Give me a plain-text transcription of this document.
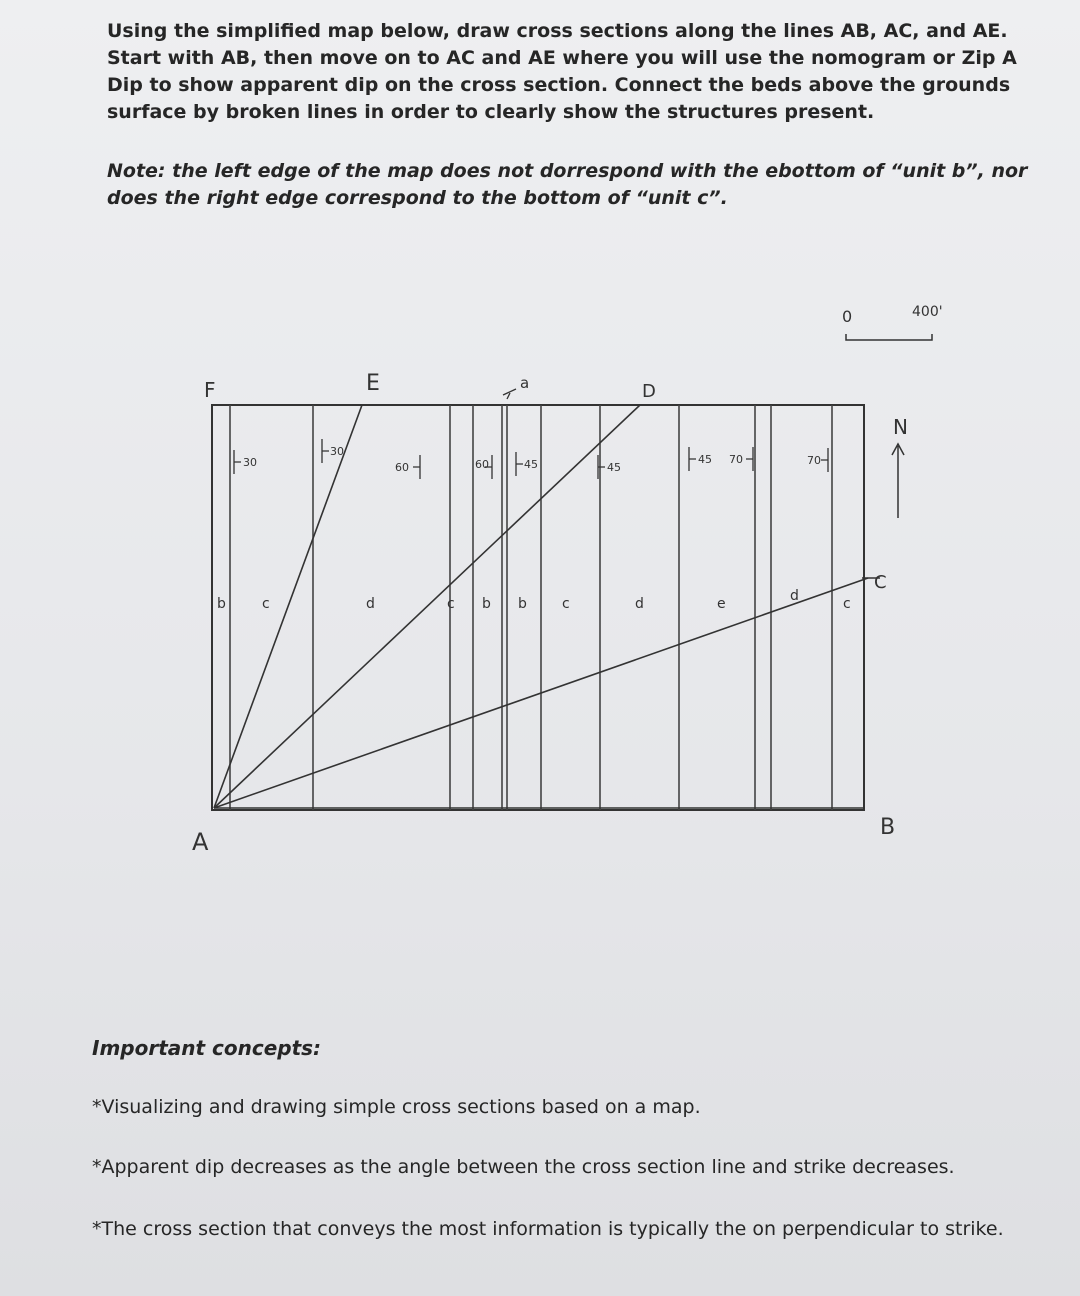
Using the simplified map below, draw cross sections along the lines AB, AC, and AE. Start with AB, then move on to AC and AE where you will use the nomogram or Zip A Dip to show apparent dip on the cross section. Connect the beds above the grounds surface by broken lines in order to clearly show the structures present.

Note: the left edge of the map does not dorrespond with the ebottom of “unit b”, nor does the right edge correspond to the bottom of “unit c”.

A
B
C
D
E
F	a
0	400'
N
b	c	d	c b b	c	d	e	d	c
30
30
60	60	45	45
45 70	70

Important concepts:

*Visualizing and drawing simple cross sections based on a map.

*Apparent dip decreases as the angle between the cross section line and strike decreases.

*The cross section that conveys the most information is typically the on perpendicular to strike.
